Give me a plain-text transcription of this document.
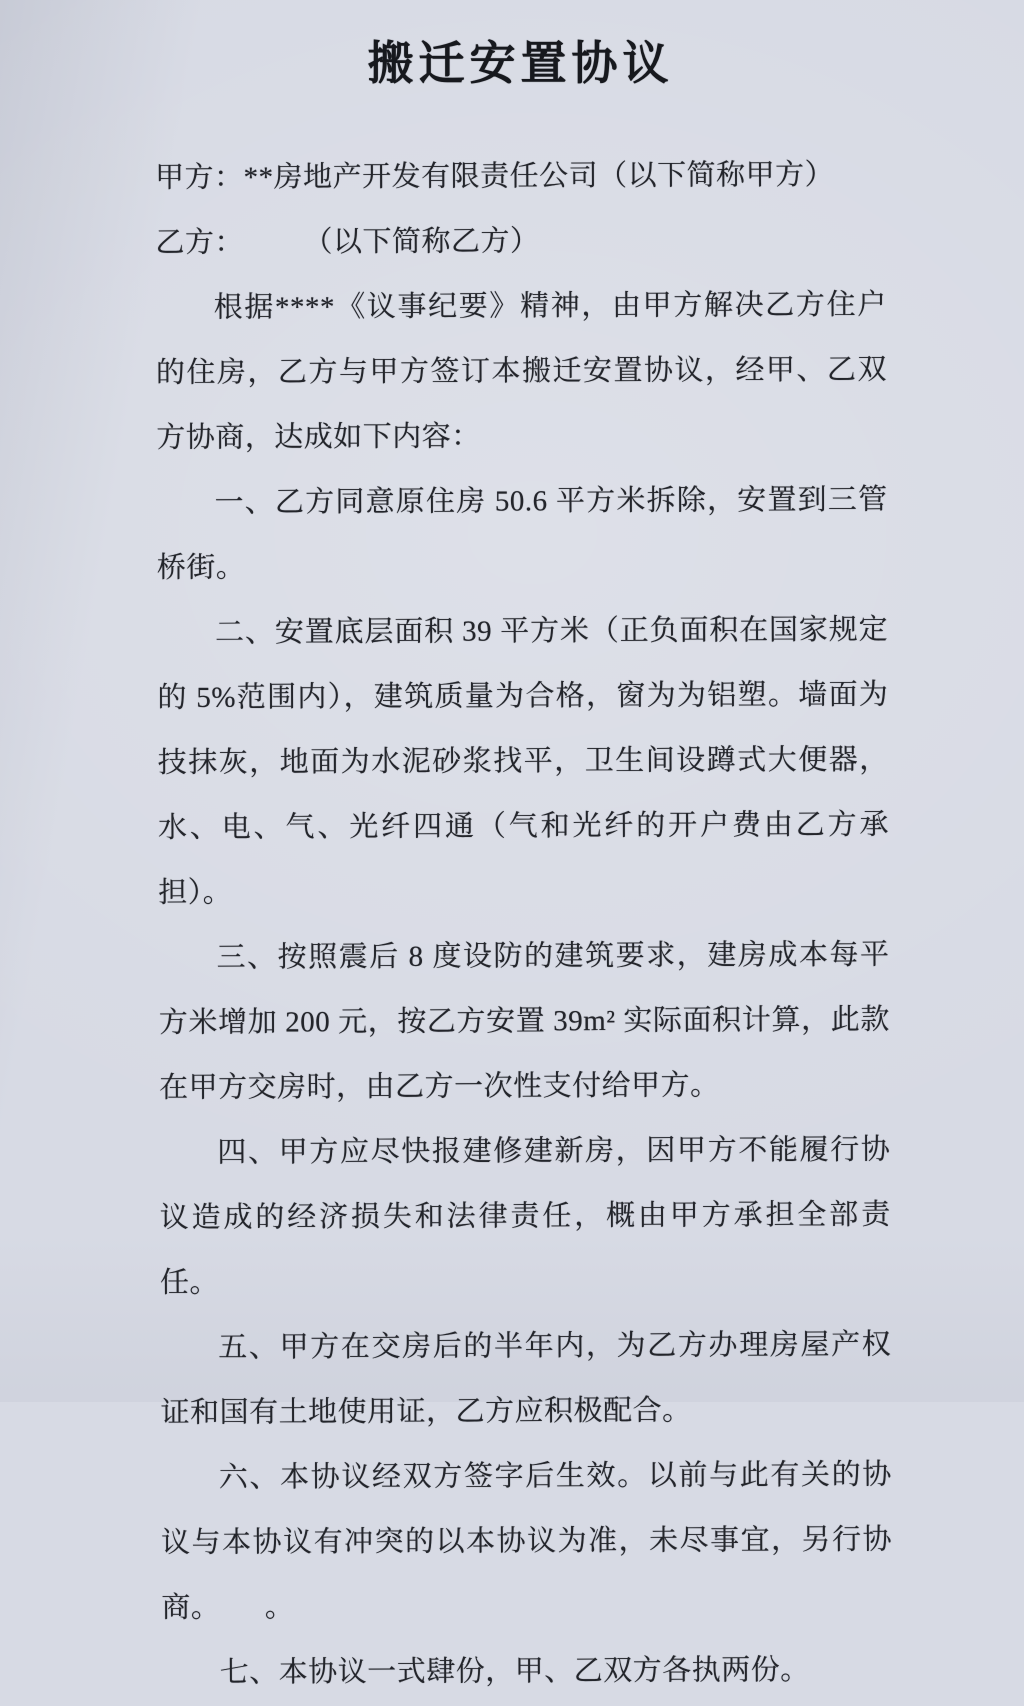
搬迁安置协议

甲方：**房地产开发有限责任公司（以下简称甲方）

乙方：　　　（以下简称乙方）

根据****《议事纪要》精神，由甲方解决乙方住户的住房，乙方与甲方签订本搬迁安置协议，经甲、乙双方协商，达成如下内容：

一、乙方同意原住房 50.6 平方米拆除，安置到三管桥街。

二、安置底层面积 39 平方米（正负面积在国家规定的 5%范围内），建筑质量为合格，窗为为铝塑。墙面为技抹灰，地面为水泥砂浆找平，卫生间设蹲式大便器，水、电、气、光纤四通（气和光纤的开户费由乙方承担）。

三、按照震后 8 度设防的建筑要求，建房成本每平方米增加 200 元，按乙方安置 39m² 实际面积计算，此款在甲方交房时，由乙方一次性支付给甲方。

四、甲方应尽快报建修建新房，因甲方不能履行协议造成的经济损失和法律责任，概由甲方承担全部责任。

五、甲方在交房后的半年内，为乙方办理房屋产权证和国有土地使用证，乙方应积极配合。

六、本协议经双方签字后生效。以前与此有关的协议与本协议有冲突的以本协议为准，未尽事宜，另行协商。　　。

七、本协议一式肆份，甲、乙双方各执两份。
